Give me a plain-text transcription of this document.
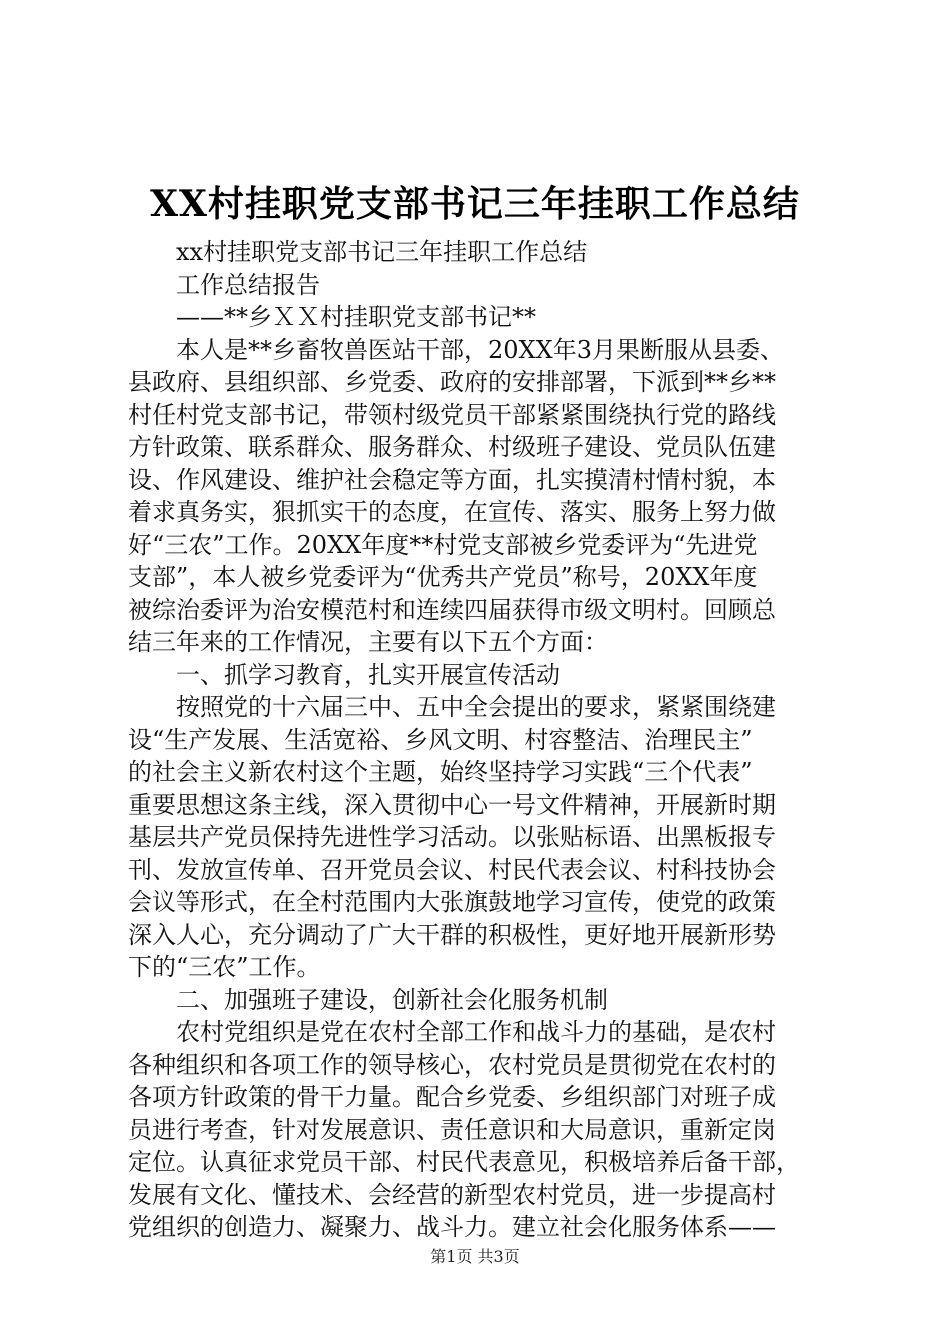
XX村挂职党支部书记三年挂职工作总结
xx村挂职党支部书记三年挂职工作总结
工作总结报告
——**乡ＸＸ村挂职党支部书记**
本人是**乡畜牧兽医站干部，20XX年3月果断服从县委、
县政府、县组织部、乡党委、政府的安排部署，下派到**乡**
村任村党支部书记，带领村级党员干部紧紧围绕执行党的路线
方针政策、联系群众、服务群众、村级班子建设、党员队伍建
设、作风建设、维护社会稳定等方面，扎实摸清村情村貌，本
着求真务实，狠抓实干的态度，在宣传、落实、服务上努力做
好“三农”工作。20XX年度**村党支部被乡党委评为“先进党
支部”，本人被乡党委评为“优秀共产党员”称号，20XX年度
被综治委评为治安模范村和连续四届获得市级文明村。回顾总
结三年来的工作情况，主要有以下五个方面：
一、抓学习教育，扎实开展宣传活动
按照党的十六届三中、五中全会提出的要求，紧紧围绕建
设“生产发展、生活宽裕、乡风文明、村容整洁、治理民主”
的社会主义新农村这个主题，始终坚持学习实践“三个代表”
重要思想这条主线，深入贯彻中心一号文件精神，开展新时期
基层共产党员保持先进性学习活动。以张贴标语、出黑板报专
刊、发放宣传单、召开党员会议、村民代表会议、村科技协会
会议等形式，在全村范围内大张旗鼓地学习宣传，使党的政策
深入人心，充分调动了广大干群的积极性，更好地开展新形势
下的“三农”工作。
二、加强班子建设，创新社会化服务机制
农村党组织是党在农村全部工作和战斗力的基础，是农村
各种组织和各项工作的领导核心，农村党员是贯彻党在农村的
各项方针政策的骨干力量。配合乡党委、乡组织部门对班子成
员进行考查，针对发展意识、责任意识和大局意识，重新定岗
定位。认真征求党员干部、村民代表意见，积极培养后备干部，
发展有文化、懂技术、会经营的新型农村党员，进一步提高村
党组织的创造力、凝聚力、战斗力。建立社会化服务体系——
第1页 共3页
